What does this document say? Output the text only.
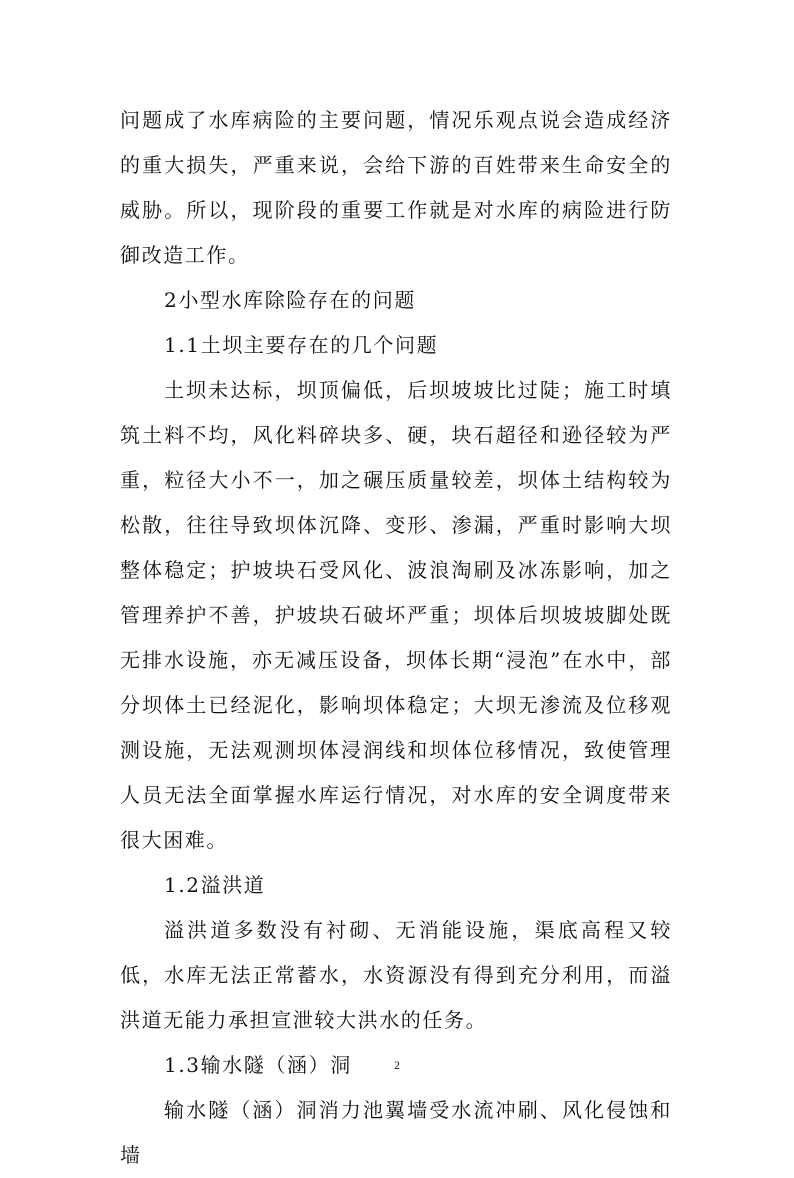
问题成了水库病险的主要问题，情况乐观点说会造成经济的重大损失，严重来说，会给下游的百姓带来生命安全的威胁。所以，现阶段的重要工作就是对水库的病险进行防御改造工作。

2小型水库除险存在的问题

1.1土坝主要存在的几个问题

土坝未达标，坝顶偏低，后坝坡坡比过陡；施工时填筑土料不均，风化料碎块多、硬，块石超径和逊径较为严重，粒径大小不一，加之碾压质量较差，坝体土结构较为松散，往往导致坝体沉降、变形、渗漏，严重时影响大坝整体稳定；护坡块石受风化、波浪淘刷及冰冻影响，加之管理养护不善，护坡块石破坏严重；坝体后坝坡坡脚处既无排水设施，亦无减压设备，坝体长期“浸泡”在水中，部分坝体土已经泥化，影响坝体稳定；大坝无渗流及位移观测设施，无法观测坝体浸润线和坝体位移情况，致使管理人员无法全面掌握水库运行情况，对水库的安全调度带来很大困难。

1.2溢洪道

溢洪道多数没有衬砌、无消能设施，渠底高程又较低，水库无法正常蓄水，水资源没有得到充分利用，而溢洪道无能力承担宣泄较大洪水的任务。

1.3输水隧（涵）洞

输水隧（涵）洞消力池翼墙受水流冲刷、风化侵蚀和墙

2
